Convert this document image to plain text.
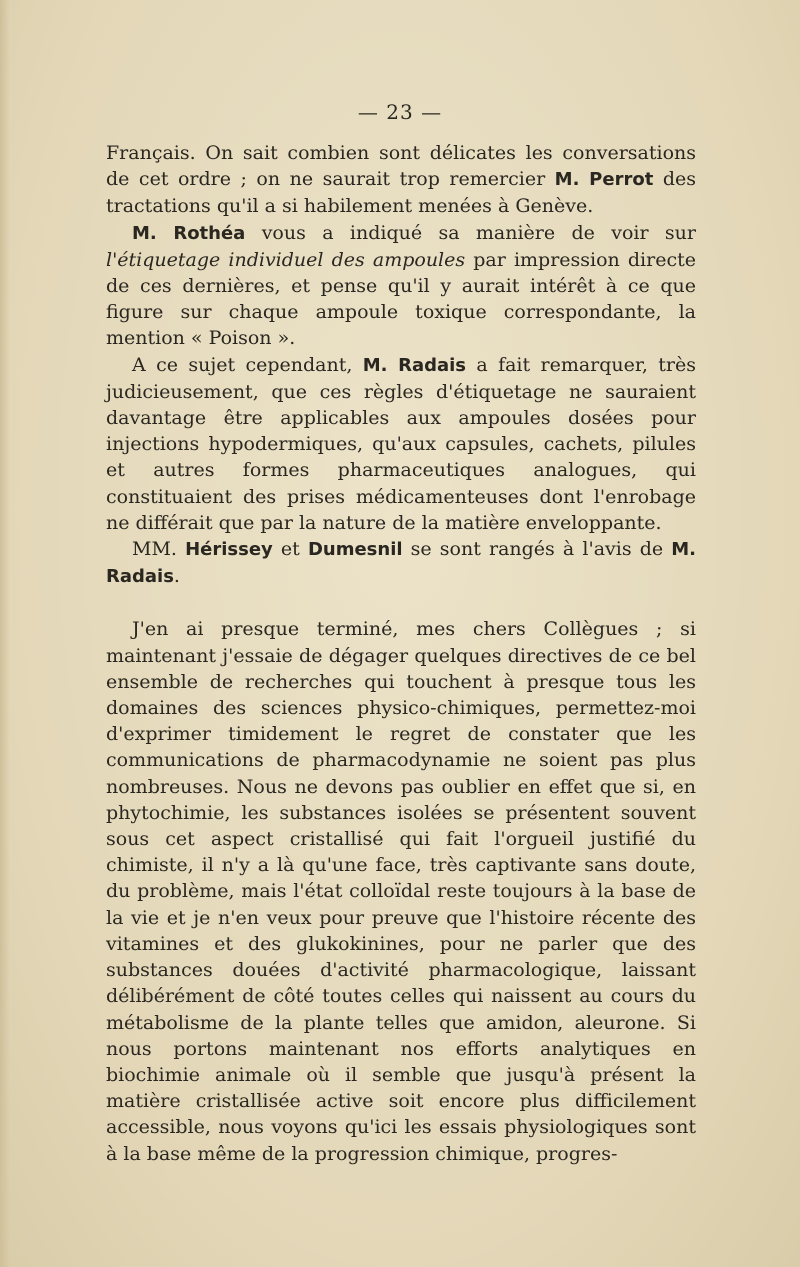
— 23 —

Français. On sait combien sont délicates les conversations de cet ordre ; on ne saurait trop remercier M. Perrot des tractations qu'il a si habilement menées à Genève.

M. Rothéa vous a indiqué sa manière de voir sur l'étiquetage individuel des ampoules par impression directe de ces dernières, et pense qu'il y aurait intérêt à ce que figure sur chaque ampoule toxique correspondante, la mention « Poison ».

A ce sujet cependant, M. Radais a fait remarquer, très judicieusement, que ces règles d'étiquetage ne sauraient davantage être applicables aux ampoules dosées pour injections hypodermiques, qu'aux capsules, cachets, pilules et autres formes pharmaceutiques analogues, qui constituaient des prises médicamenteuses dont l'enrobage ne différait que par la nature de la matière enveloppante.

MM. Hérissey et Dumesnil se sont rangés à l'avis de M. Radais.

J'en ai presque terminé, mes chers Collègues ; si maintenant j'essaie de dégager quelques directives de ce bel ensemble de recherches qui touchent à presque tous les domaines des sciences physico-chimiques, permettez-moi d'exprimer timidement le regret de constater que les communications de pharmacodynamie ne soient pas plus nombreuses. Nous ne devons pas oublier en effet que si, en phytochimie, les substances isolées se présentent souvent sous cet aspect cristallisé qui fait l'orgueil justifié du chimiste, il n'y a là qu'une face, très captivante sans doute, du problème, mais l'état colloïdal reste toujours à la base de la vie et je n'en veux pour preuve que l'histoire récente des vitamines et des glukokinines, pour ne parler que des substances douées d'activité pharmacologique, laissant délibérément de côté toutes celles qui naissent au cours du métabolisme de la plante telles que amidon, aleurone. Si nous portons maintenant nos efforts analytiques en biochimie animale où il semble que jusqu'à présent la matière cristallisée active soit encore plus difficilement accessible, nous voyons qu'ici les essais physiologiques sont à la base même de la progression chimique, progres-
